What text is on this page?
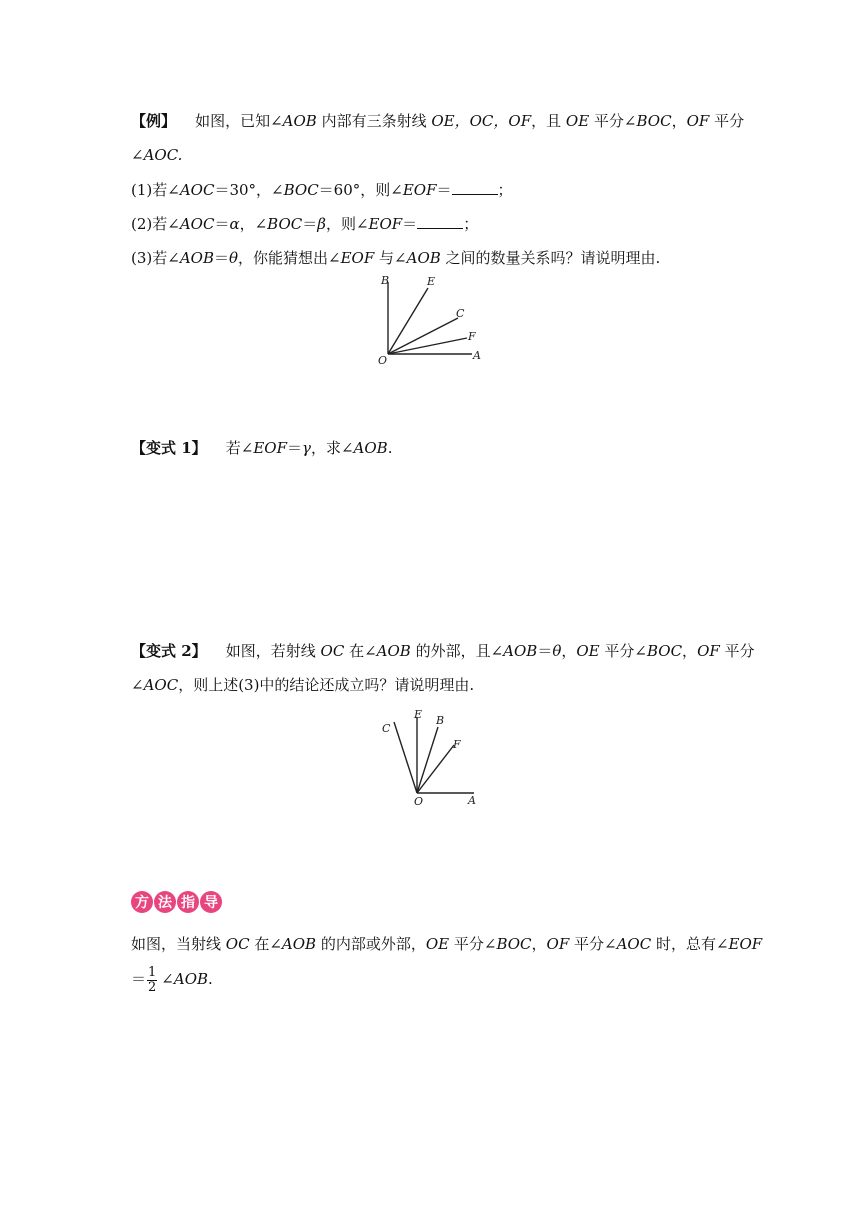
【例】 如图，已知∠AOB 内部有三条射线 OE，OC，OF，且 OE 平分∠BOC，OF 平分
∠AOC.
(1)若∠AOC＝30°，∠BOC＝60°，则∠EOF＝	；
(2)若∠AOC＝α，∠BOC＝β，则∠EOF＝	；
(3)若∠AOB＝θ，你能猜想出∠EOF 与∠AOB 之间的数量关系吗？请说明理由.
B	E
C
F
O	A
【变式 1】 若∠EOF＝γ，求∠AOB.
【变式 2】 如图，若射线 OC 在∠AOB 的外部，且∠AOB＝θ，OE 平分∠BOC，OF 平分
∠AOC，则上述(3)中的结论还成立吗？请说明理由.
C
E B
F
O	A
方 法 指 导
如图，当射线 OC 在∠AOB 的内部或外部，OE 平分∠BOC，OF 平分∠AOC 时，总有∠EOF
＝ $\frac{1}{2}$ ∠AOB.
